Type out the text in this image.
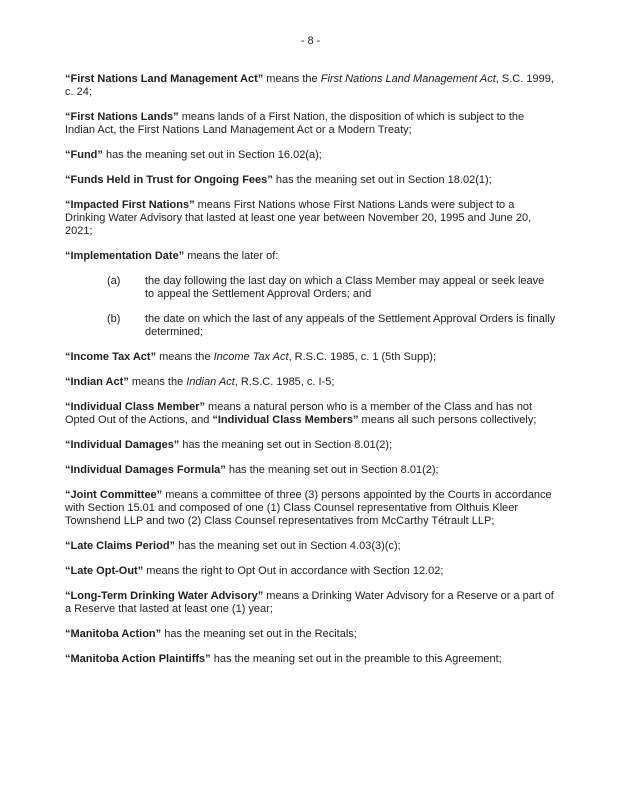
- 8 -
“First Nations Land Management Act” means the First Nations Land Management Act, S.C. 1999, c. 24;
“First Nations Lands” means lands of a First Nation, the disposition of which is subject to the Indian Act, the First Nations Land Management Act or a Modern Treaty;
“Fund” has the meaning set out in Section 16.02(a);
“Funds Held in Trust for Ongoing Fees” has the meaning set out in Section 18.02(1);
“Impacted First Nations” means First Nations whose First Nations Lands were subject to a Drinking Water Advisory that lasted at least one year between November 20, 1995 and June 20, 2021;
“Implementation Date” means the later of:
(a)	the day following the last day on which a Class Member may appeal or seek leave to appeal the Settlement Approval Orders; and
(b)	the date on which the last of any appeals of the Settlement Approval Orders is finally determined;
“Income Tax Act” means the Income Tax Act, R.S.C. 1985, c. 1 (5th Supp);
“Indian Act” means the Indian Act, R.S.C. 1985, c. I-5;
“Individual Class Member” means a natural person who is a member of the Class and has not Opted Out of the Actions, and “Individual Class Members” means all such persons collectively;
“Individual Damages” has the meaning set out in Section 8.01(2);
“Individual Damages Formula” has the meaning set out in Section 8.01(2);
“Joint Committee” means a committee of three (3) persons appointed by the Courts in accordance with Section 15.01 and composed of one (1) Class Counsel representative from Olthuis Kleer Townshend LLP and two (2) Class Counsel representatives from McCarthy Tétrault LLP;
“Late Claims Period” has the meaning set out in Section 4.03(3)(c);
“Late Opt-Out” means the right to Opt Out in accordance with Section 12.02;
“Long-Term Drinking Water Advisory” means a Drinking Water Advisory for a Reserve or a part of a Reserve that lasted at least one (1) year;
“Manitoba Action” has the meaning set out in the Recitals;
“Manitoba Action Plaintiffs” has the meaning set out in the preamble to this Agreement;
